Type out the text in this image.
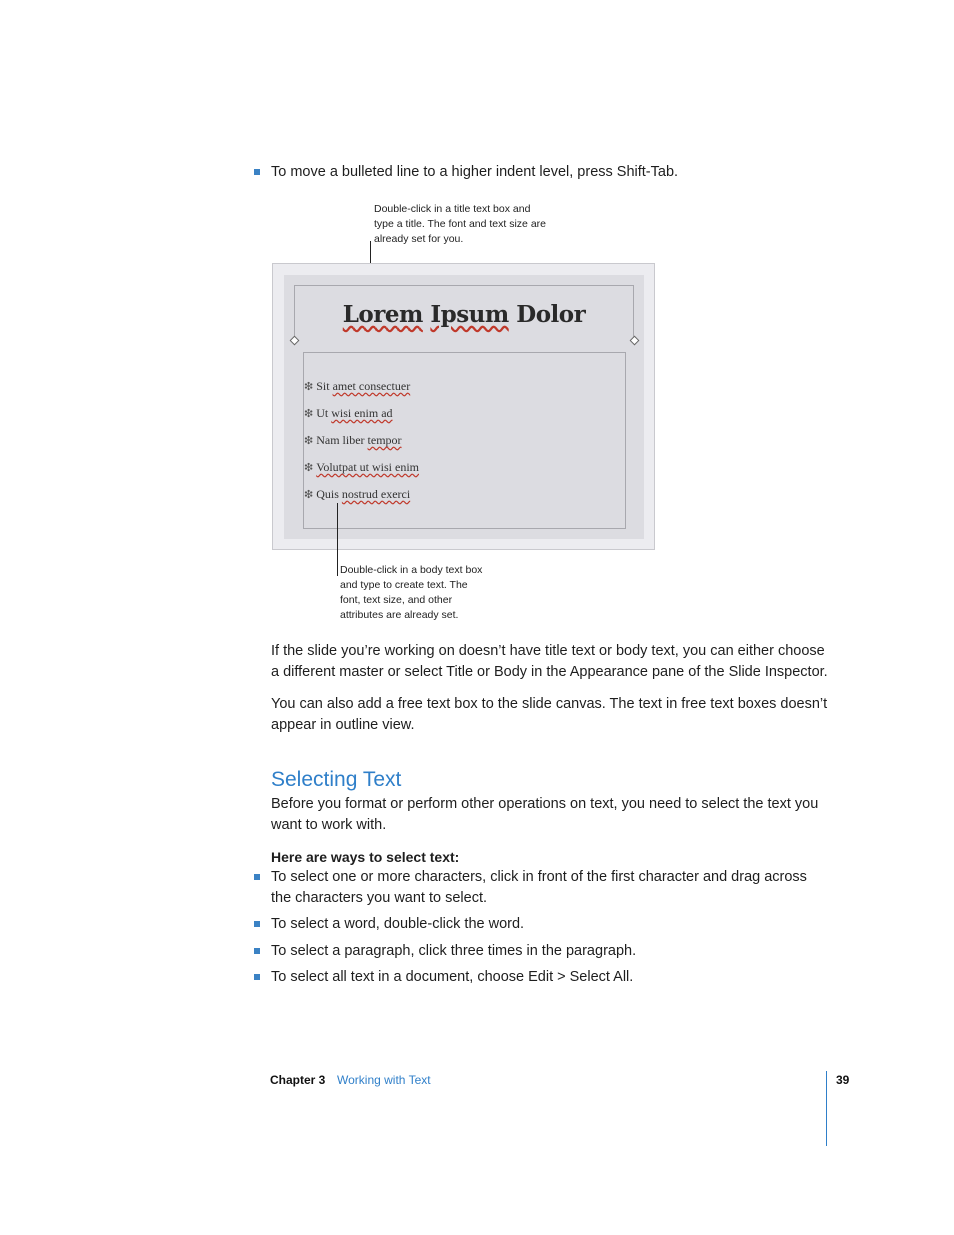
To move a bulleted line to a higher indent level, press Shift-Tab.
Double-click in a title text box and type a title. The font and text size are already set for you.
Lorem Ipsum Dolor
❇ Sit amet consectuer
❇ Ut wisi enim ad
❇ Nam liber tempor
❇ Volutpat ut wisi enim
❇ Quis nostrud exerci
Double-click in a body text box and type to create text. The font, text size, and other attributes are already set.
If the slide you’re working on doesn’t have title text or body text, you can either choose a different master or select Title or Body in the Appearance pane of the Slide Inspector.
You can also add a free text box to the slide canvas. The text in free text boxes doesn’t appear in outline view.
Selecting Text
Before you format or perform other operations on text, you need to select the text you want to work with.
Here are ways to select text:
To select one or more characters, click in front of the first character and drag across the characters you want to select.
To select a word, double-click the word.
To select a paragraph, click three times in the paragraph.
To select all text in a document, choose Edit > Select All.
Chapter 3 Working with Text	39
